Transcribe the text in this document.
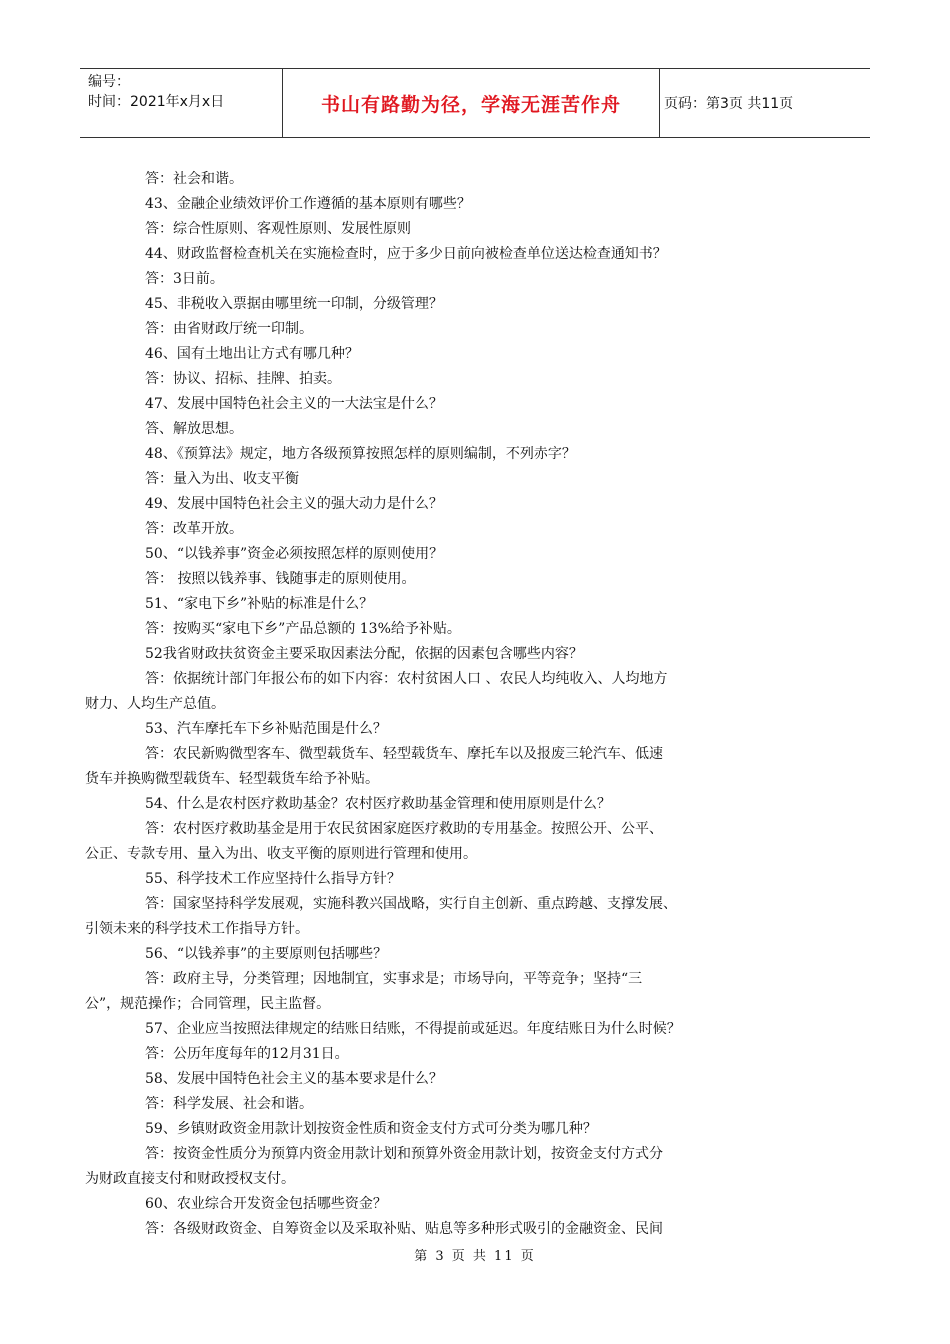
编号：
时间：2021年x月x日	书山有路勤为径，学海无涯苦作舟	页码：第3页 共11页
答：社会和谐。
43、金融企业绩效评价工作遵循的基本原则有哪些？
答：综合性原则、客观性原则、发展性原则
44、财政监督检查机关在实施检查时，应于多少日前向被检查单位送达检查通知书？
答：3日前。
45、非税收入票据由哪里统一印制，分级管理？
答：由省财政厅统一印制。
46、国有土地出让方式有哪几种？
答：协议、招标、挂牌、拍卖。
47、发展中国特色社会主义的一大法宝是什么？
答、解放思想。
48、《预算法》规定，地方各级预算按照怎样的原则编制，不列赤字？
答：量入为出、收支平衡
49、发展中国特色社会主义的强大动力是什么？
答：改革开放。
50、“以钱养事”资金必须按照怎样的原则使用？
答： 按照以钱养事、钱随事走的原则使用。
51、“家电下乡”补贴的标准是什么？
答：按购买“家电下乡”产品总额的 13%给予补贴。
52我省财政扶贫资金主要采取因素法分配，依据的因素包含哪些内容？
答：依据统计部门年报公布的如下内容：农村贫困人口 、农民人均纯收入、人均地方
财力、人均生产总值。
53、汽车摩托车下乡补贴范围是什么？
答：农民新购微型客车、微型载货车、轻型载货车、摩托车以及报废三轮汽车、低速
货车并换购微型载货车、轻型载货车给予补贴。
54、什么是农村医疗救助基金？农村医疗救助基金管理和使用原则是什么？
答：农村医疗救助基金是用于农民贫困家庭医疗救助的专用基金。按照公开、公平、
公正、专款专用、量入为出、收支平衡的原则进行管理和使用。
55、科学技术工作应坚持什么指导方针？
答：国家坚持科学发展观，实施科教兴国战略，实行自主创新、重点跨越、支撑发展、
引领未来的科学技术工作指导方针。
56、“以钱养事”的主要原则包括哪些？
答：政府主导，分类管理；因地制宜，实事求是；市场导向，平等竞争；坚持“三
公”，规范操作；合同管理，民主监督。
57、企业应当按照法律规定的结账日结账，不得提前或延迟。年度结账日为什么时候？
答：公历年度每年的12月31日。
58、发展中国特色社会主义的基本要求是什么？
答：科学发展、社会和谐。
59、乡镇财政资金用款计划按资金性质和资金支付方式可分类为哪几种？
答：按资金性质分为预算内资金用款计划和预算外资金用款计划，按资金支付方式分
为财政直接支付和财政授权支付。
60、农业综合开发资金包括哪些资金？
答：各级财政资金、自筹资金以及采取补贴、贴息等多种形式吸引的金融资金、民间
第 3 页 共 11 页
